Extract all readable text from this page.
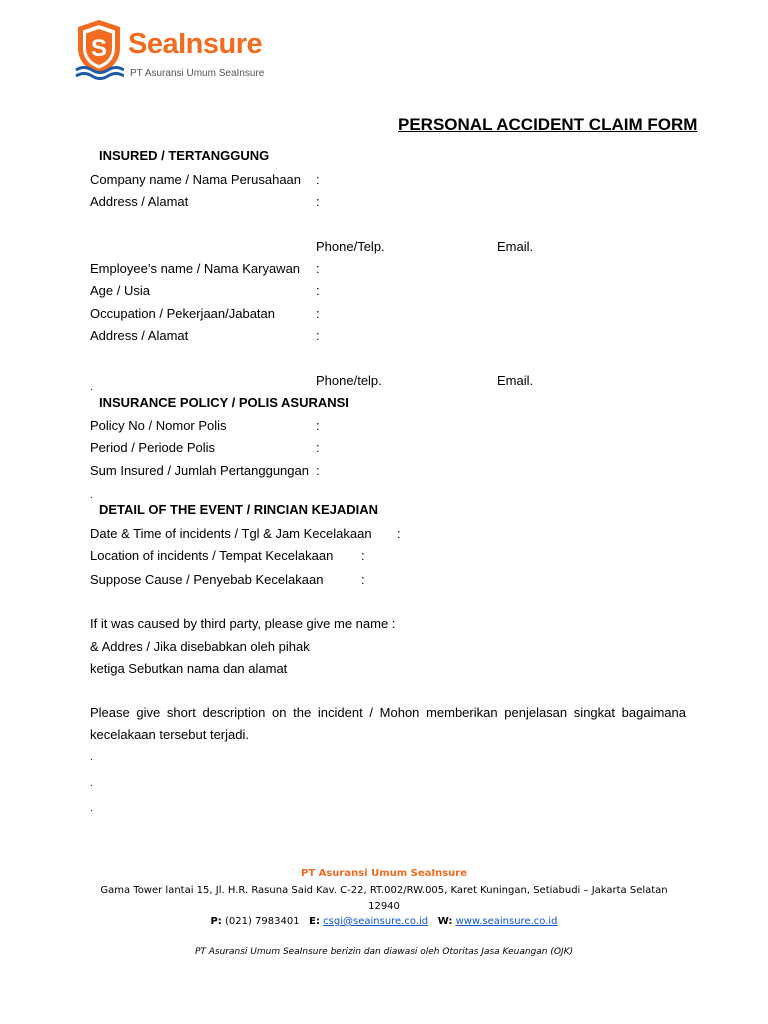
S SeaInsure
PT Asuransi Umum SeaInsure
PERSONAL ACCIDENT CLAIM FORM
INSURED / TERTANGGUNG
Company name / Nama Perusahaan :
Address / Alamat	:
Phone/Telp.	Email.
Employee’s name / Nama Karyawan :
Age / Usia	:
Occupation / Pekerjaan/Jabatan	:
Address / Alamat	:
Phone/telp.	Email.
.
INSURANCE POLICY / POLIS ASURANSI
Policy No / Nomor Polis	:
Period / Periode Polis	:
Sum Insured / Jumlah Pertanggungan :
.
DETAIL OF THE EVENT / RINCIAN KEJADIAN
Date & Time of incidents / Tgl & Jam Kecelakaan :
Location of incidents / Tempat Kecelakaan :
Suppose Cause / Penyebab Kecelakaan	:
If it was caused by third party, please give me name :
& Addres / Jika disebabkan oleh pihak
ketiga Sebutkan nama dan alamat
Please give short description on the incident / Mohon memberikan penjelasan singkat bagaimana
kecelakaan tersebut terjadi.
.
.
.
PT Asuransi Umum SeaInsure
Gama Tower lantai 15, Jl. H.R. Rasuna Said Kav. C-22, RT.002/RW.005, Karet Kuningan, Setiabudi – Jakarta Selatan 12940
P: (021) 7983401 E: csgi@seainsure.co.id W: www.seainsure.co.id
PT Asuransi Umum SeaInsure berizin dan diawasi oleh Otoritas Jasa Keuangan (OJK)
